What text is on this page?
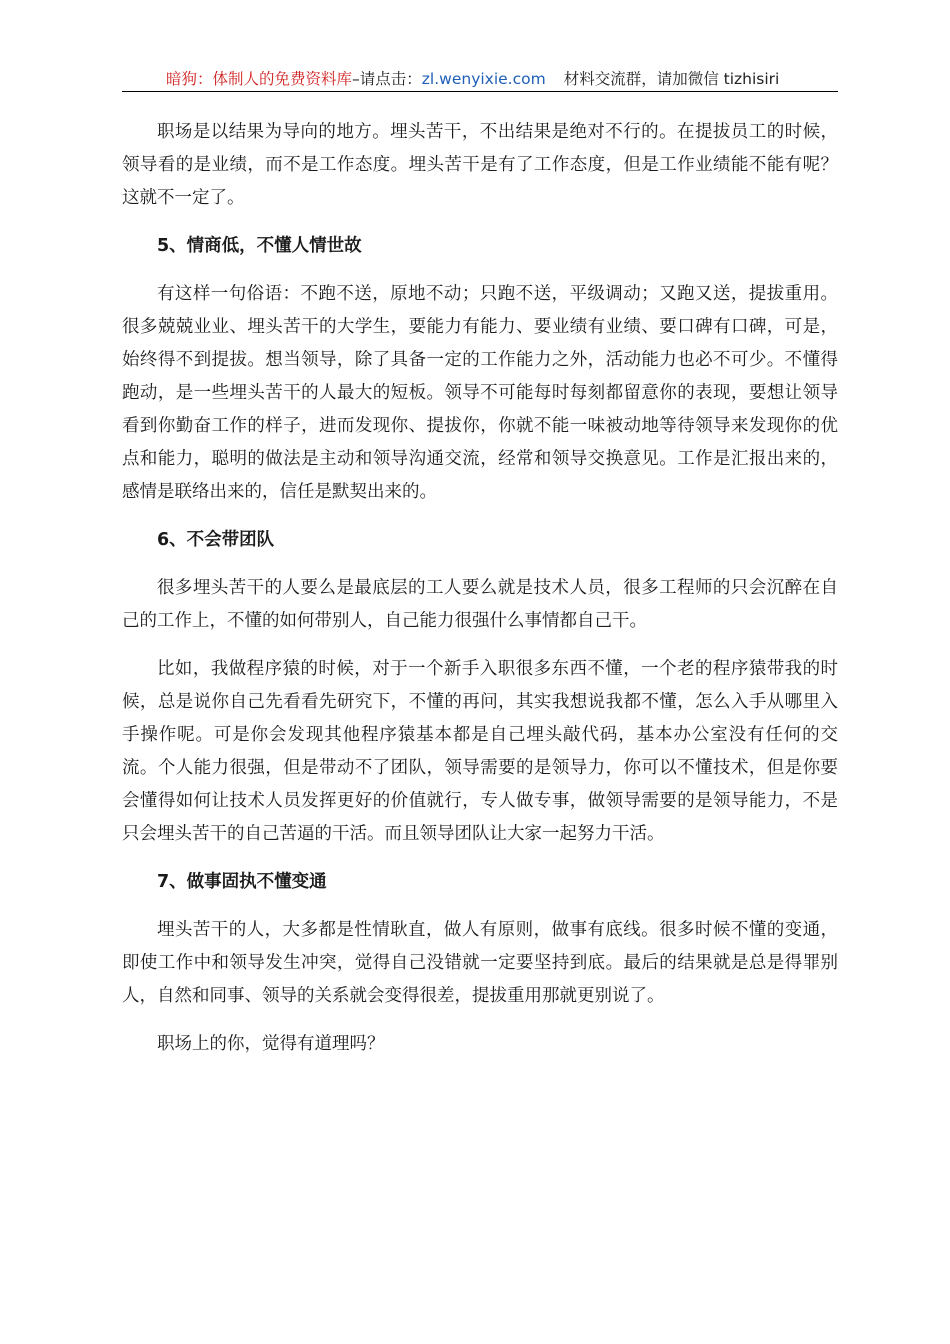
暗狗：体制人的免费资料库–请点击：zl.wenyixie.com 材料交流群，请加微信 tizhisiri

职场是以结果为导向的地方。埋头苦干，不出结果是绝对不行的。在提拔员工的时候，领导看的是业绩，而不是工作态度。埋头苦干是有了工作态度，但是工作业绩能不能有呢？这就不一定了。

5、情商低，不懂人情世故

有这样一句俗语：不跑不送，原地不动；只跑不送，平级调动；又跑又送，提拔重用。很多兢兢业业、埋头苦干的大学生，要能力有能力、要业绩有业绩、要口碑有口碑，可是，始终得不到提拔。想当领导，除了具备一定的工作能力之外，活动能力也必不可少。不懂得跑动，是一些埋头苦干的人最大的短板。领导不可能每时每刻都留意你的表现，要想让领导看到你勤奋工作的样子，进而发现你、提拔你，你就不能一味被动地等待领导来发现你的优点和能力，聪明的做法是主动和领导沟通交流，经常和领导交换意见。工作是汇报出来的，感情是联络出来的，信任是默契出来的。

6、不会带团队

很多埋头苦干的人要么是最底层的工人要么就是技术人员，很多工程师的只会沉醉在自己的工作上，不懂的如何带别人，自己能力很强什么事情都自己干。

比如，我做程序猿的时候，对于一个新手入职很多东西不懂，一个老的程序猿带我的时候，总是说你自己先看看先研究下，不懂的再问，其实我想说我都不懂，怎么入手从哪里入手操作呢。可是你会发现其他程序猿基本都是自己埋头敲代码，基本办公室没有任何的交流。个人能力很强，但是带动不了团队，领导需要的是领导力，你可以不懂技术，但是你要会懂得如何让技术人员发挥更好的价值就行，专人做专事，做领导需要的是领导能力，不是只会埋头苦干的自己苦逼的干活。而且领导团队让大家一起努力干活。

7、做事固执不懂变通

埋头苦干的人，大多都是性情耿直，做人有原则，做事有底线。很多时候不懂的变通，即使工作中和领导发生冲突，觉得自己没错就一定要坚持到底。最后的结果就是总是得罪别人，自然和同事、领导的关系就会变得很差，提拔重用那就更别说了。

职场上的你，觉得有道理吗？
